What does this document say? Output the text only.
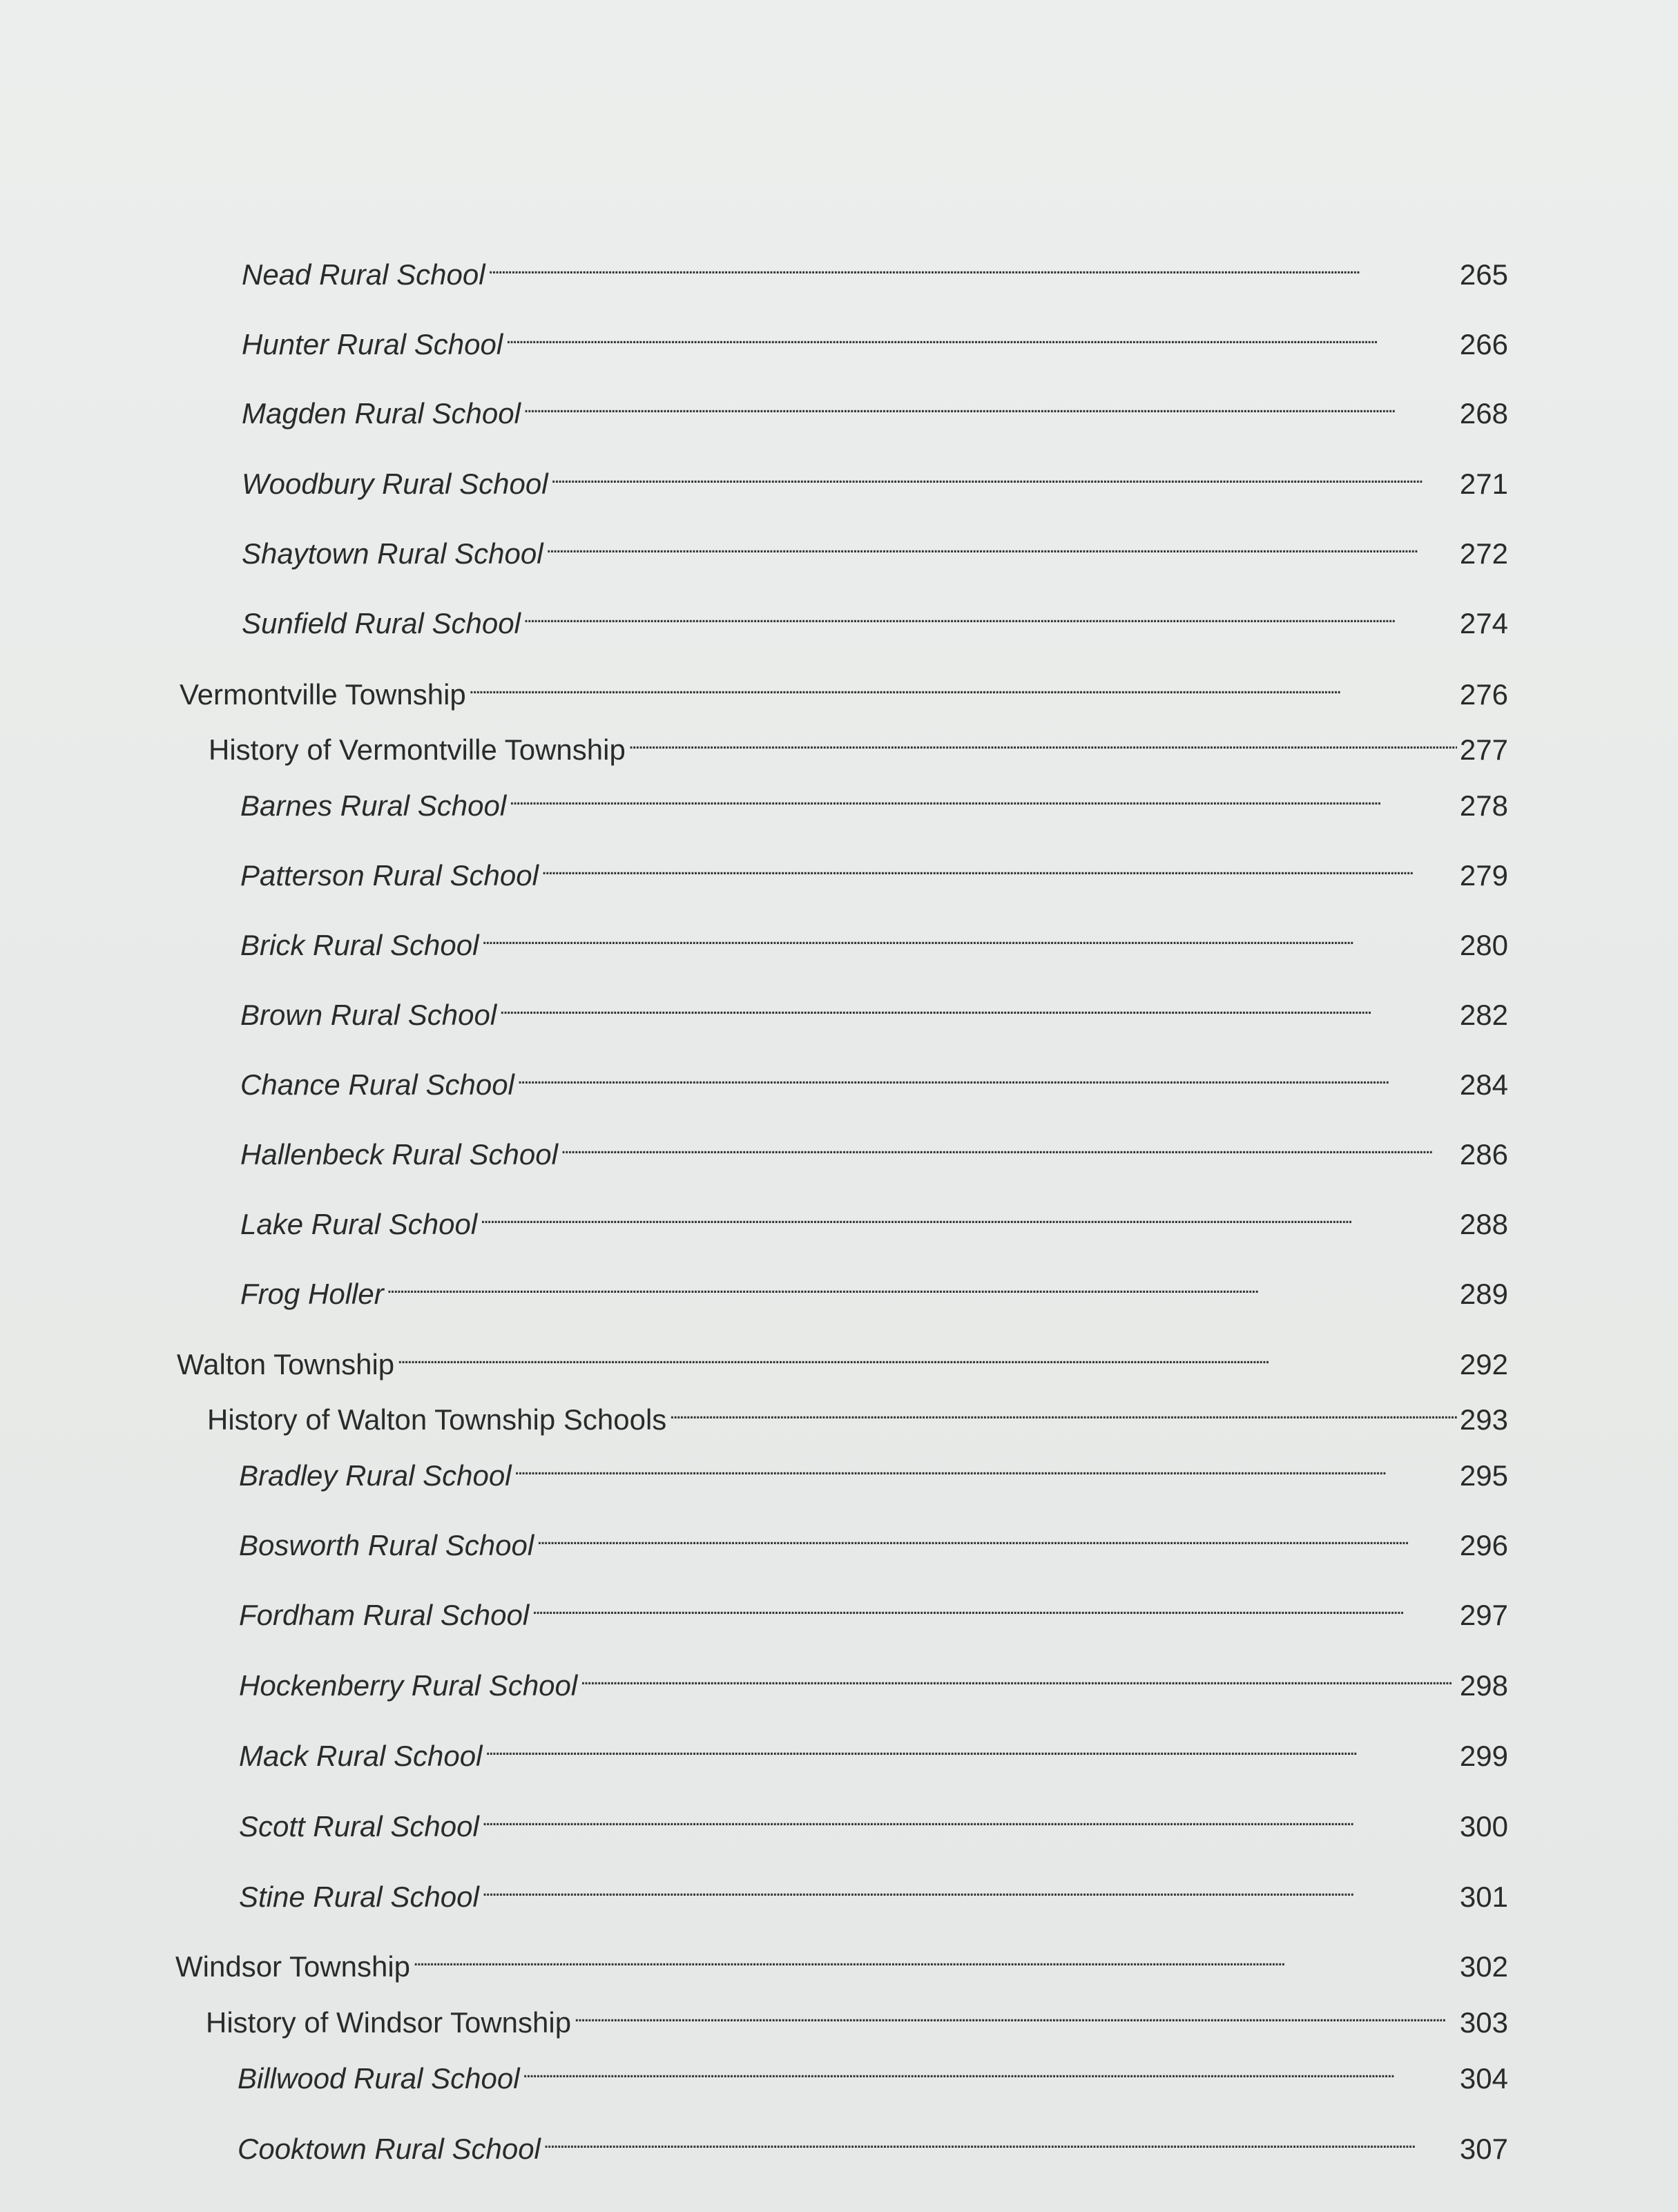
Nead Rural School . . .	265
Hunter Rural School . . .	266
Magden Rural School . . .	268
Woodbury Rural School . . .	271
Shaytown Rural School . . .	272
Sunfield Rural School . . .	274
Vermontville Township . . .	276
History of Vermontville Township . . .	277
Barnes Rural School . . .	278
Patterson Rural School . . .	279
Brick Rural School . . .	280
Brown Rural School . . .	282
Chance Rural School . . .	284
Hallenbeck Rural School . . .	286
Lake Rural School . . .	288
Frog Holler . . .	289
Walton Township . . .	292
History of Walton Township Schools . . .	293
Bradley Rural School . . .	295
Bosworth Rural School . . .	296
Fordham Rural School . . .	297
Hockenberry Rural School . . .	298
Mack Rural School . . .	299
Scott Rural School . . .	300
Stine Rural School . . .	301
Windsor Township . . .	302
History of Windsor Township . . .	303
Billwood Rural School . . .	304
Cooktown Rural School . . .	307
